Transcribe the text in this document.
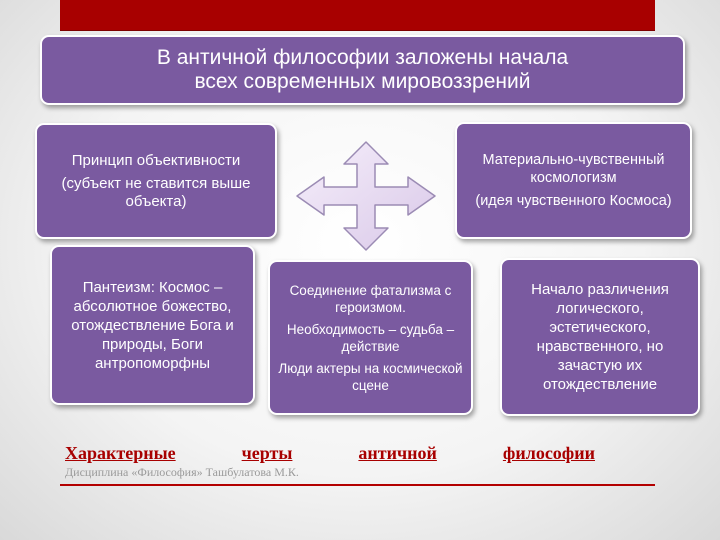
В античной философии заложены начала
всех современных мировоззрений

Принцип объективности

(субъект не ставится выше объекта)

Материально-чувственный космологизм

(идея чувственного Космоса)

Пантеизм: Космос – абсолютное божество, отождествление Бога и природы, Боги антропоморфны

Соединение фатализма с героизмом.

Необходимость – судьба – действие

Люди актеры на космической сцене

Начало различения логического, эстетического, нравственного, но зачастую их отождествление

Характерные	черты	античной	философии
Дисциплина «Философия» Ташбулатова М.К.
